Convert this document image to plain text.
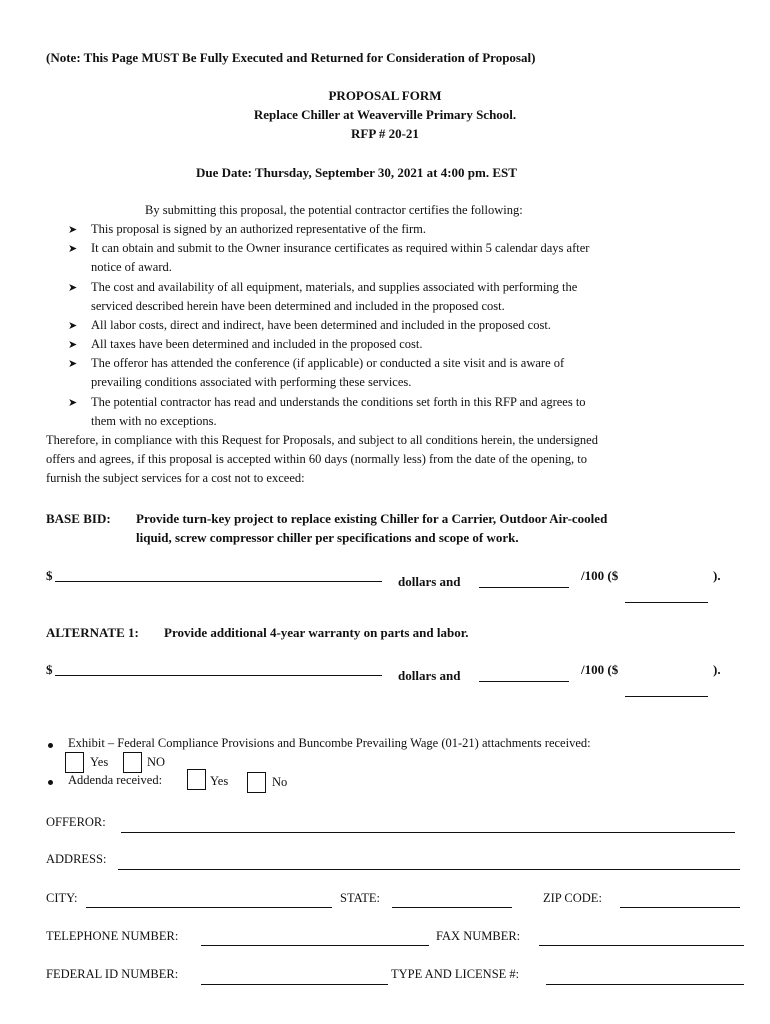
(Note: This Page MUST Be Fully Executed and Returned for Consideration of Proposal)
PROPOSAL FORM
Replace Chiller at Weaverville Primary School.
RFP # 20-21
Due Date: Thursday, September 30, 2021 at 4:00 pm. EST
By submitting this proposal, the potential contractor certifies the following:
➤ This proposal is signed by an authorized representative of the firm.
➤ It can obtain and submit to the Owner insurance certificates as required within 5 calendar days after
notice of award.
➤ The cost and availability of all equipment, materials, and supplies associated with performing the
serviced described herein have been determined and included in the proposed cost.
➤ All labor costs, direct and indirect, have been determined and included in the proposed cost.
➤ All taxes have been determined and included in the proposed cost.
➤ The offeror has attended the conference (if applicable) or conducted a site visit and is aware of
prevailing conditions associated with performing these services.
➤ The potential contractor has read and understands the conditions set forth in this RFP and agrees to
them with no exceptions.
Therefore, in compliance with this Request for Proposals, and subject to all conditions herein, the undersigned
offers and agrees, if this proposal is accepted within 60 days (normally less) from the date of the opening, to
furnish the subject services for a cost not to exceed:
BASE BID: Provide turn-key project to replace existing Chiller for a Carrier, Outdoor Air-cooled
liquid, screw compressor chiller per specifications and scope of work.
$	dollars and	/100 ($	).
ALTERNATE 1: Provide additional 4-year warranty on parts and labor.
$	dollars and	/100 ($	).
Exhibit – Federal Compliance Provisions and Buncombe Prevailing Wage (01-21) attachments received:
Yes	NO
Addenda received:	Yes	No
OFFEROR:
ADDRESS:
CITY:	STATE:	ZIP CODE:
TELEPHONE NUMBER:	FAX NUMBER:
FEDERAL ID NUMBER:	TYPE AND LICENSE #:
